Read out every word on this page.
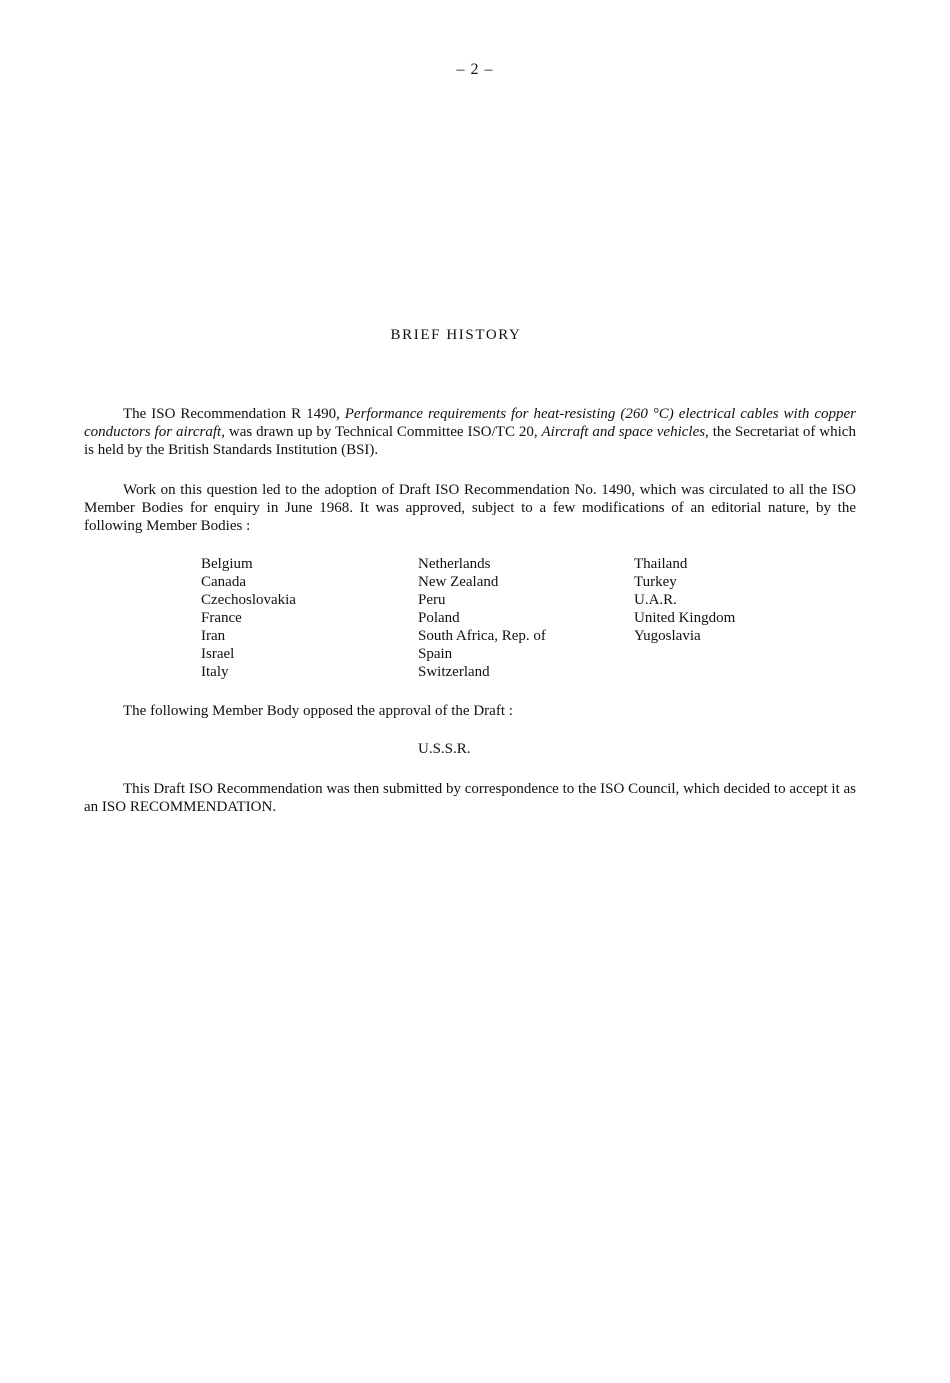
– 2 –
BRIEF HISTORY

The ISO Recommendation R 1490, Performance requirements for heat-resisting (260 °C) electrical cables with copper conductors for aircraft, was drawn up by Technical Committee ISO/TC 20, Aircraft and space vehicles, the Secretariat of which is held by the British Standards Institution (BSI).

Work on this question led to the adoption of Draft ISO Recommendation No. 1490, which was circulated to all the ISO Member Bodies for enquiry in June 1968. It was approved, subject to a few modifications of an editorial nature, by the following Member Bodies :

Belgium
Canada
Czechoslovakia
France
Iran
Israel
Italy
Netherlands
New Zealand
Peru
Poland
South Africa, Rep. of
Spain
Switzerland
Thailand
Turkey
U.A.R.
United Kingdom
Yugoslavia

The following Member Body opposed the approval of the Draft :

U.S.S.R.

This Draft ISO Recommendation was then submitted by correspondence to the ISO Council, which decided to accept it as an ISO RECOMMENDATION.
